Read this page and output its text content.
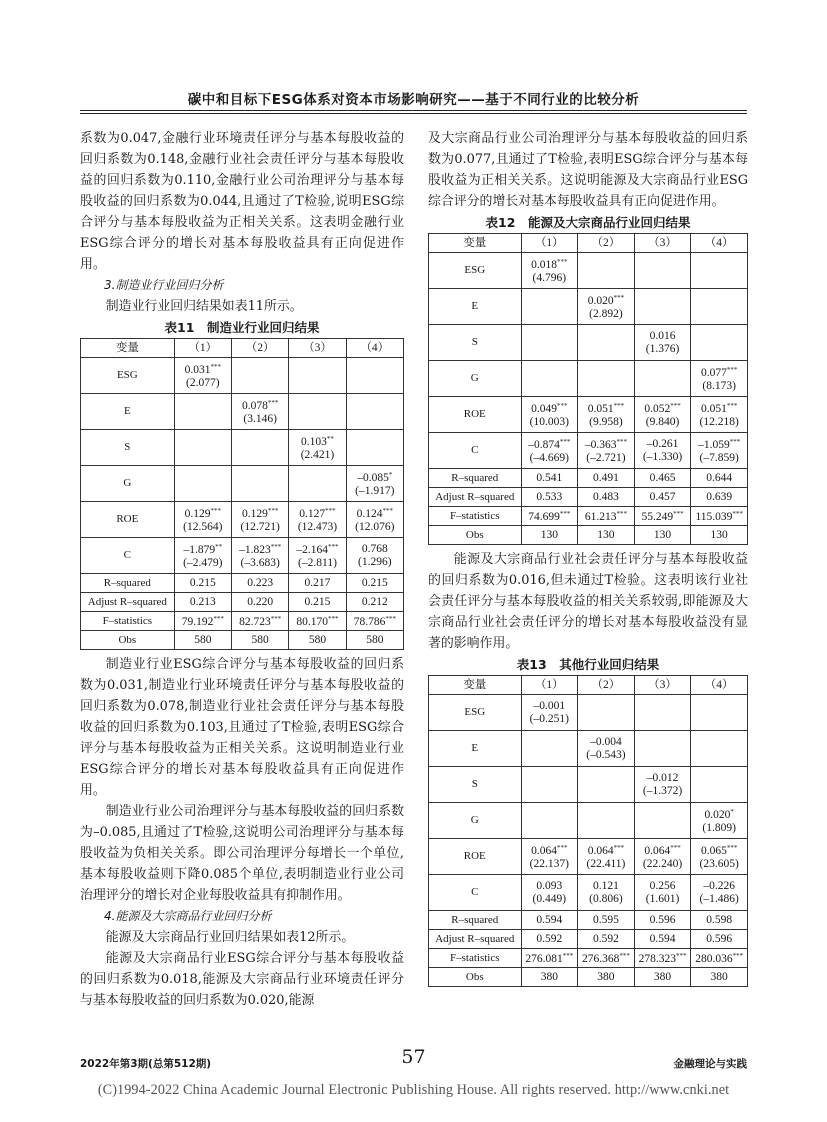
碳中和目标下ESG体系对资本市场影响研究——基于不同行业的比较分析

系数为0.047,金融行业环境责任评分与基本每股收益的回归系数为0.148,金融行业社会责任评分与基本每股收益的回归系数为0.110,金融行业公司治理评分与基本每股收益的回归系数为0.044,且通过了T检验,说明ESG综合评分与基本每股收益为正相关关系。这表明金融行业ESG综合评分的增长对基本每股收益具有正向促进作用。

3.制造业行业回归分析

制造业行业回归结果如表11所示。

表11　制造业行业回归结果
变量	（1）	（2）	（3）	（4）
ESG	0.031***
(2.077)			

E		0.078***
(3.146)		

S			0.103**
(2.421)	

G				–0.085*
(–1.917)

ROE	0.129***
(12.564)	0.129***
(12.721)	0.127***
(12.473)	0.124***
(12.076)

C	–1.879**
(–2.479)	–1.823***
(–3.683)	–2.164***
(–2.811)	0.768
(1.296)

R–squared	0.215	0.223	0.217	0.215
Adjust R–squared	0.213	0.220	0.215	0.212
F–statistics	79.192***	82.723***	80.170***	78.786***

Obs	580	580	580	580

制造业行业ESG综合评分与基本每股收益的回归系数为0.031,制造业行业环境责任评分与基本每股收益的回归系数为0.078,制造业行业社会责任评分与基本每股收益的回归系数为0.103,且通过了T检验,表明ESG综合评分与基本每股收益为正相关关系。这说明制造业行业ESG综合评分的增长对基本每股收益具有正向促进作用。

制造业行业公司治理评分与基本每股收益的回归系数为–0.085,且通过了T检验,这说明公司治理评分与基本每股收益为负相关关系。即公司治理评分每增长一个单位,基本每股收益则下降0.085个单位,表明制造业行业公司治理评分的增长对企业每股收益具有抑制作用。

4.能源及大宗商品行业回归分析

能源及大宗商品行业回归结果如表12所示。

能源及大宗商品行业ESG综合评分与基本每股收益的回归系数为0.018,能源及大宗商品行业环境责任评分与基本每股收益的回归系数为0.020,能源

及大宗商品行业公司治理评分与基本每股收益的回归系数为0.077,且通过了T检验,表明ESG综合评分与基本每股收益为正相关关系。这说明能源及大宗商品行业ESG综合评分的增长对基本每股收益具有正向促进作用。

表12　能源及大宗商品行业回归结果
变量	（1）	（2）	（3）	（4）
ESG	0.018***
(4.796)			

E		0.020***
(2.892)		

S			0.016
(1.376)	

G				0.077***
(8.173)

ROE	0.049***
(10.003)	0.051***
(9.958)	0.052***
(9.840)	0.051***
(12.218)

C	–0.874***
(–4.669)	–0.363***
(–2.721)	–0.261
(–1.330)	–1.059***
(–7.859)

R–squared	0.541	0.491	0.465	0.644
Adjust R–squared	0.533	0.483	0.457	0.639
F–statistics	74.699***	61.213***	55.249***	115.039***

Obs	130	130	130	130

能源及大宗商品行业社会责任评分与基本每股收益的回归系数为0.016,但未通过T检验。这表明该行业社会责任评分与基本每股收益的相关关系较弱,即能源及大宗商品行业社会责任评分的增长对基本每股收益没有显著的影响作用。

表13　其他行业回归结果
变量	（1）	（2）	（3）	（4）
ESG	–0.001
(–0.251)			

E		–0.004
(–0.543)		

S			–0.012
(–1.372)	

G				0.020*
(1.809)

ROE	0.064***
(22.137)	0.064***
(22.411)	0.064***
(22.240)	0.065***
(23.605)

C	0.093
(0.449)	0.121
(0.806)	0.256
(1.601)	–0.226
(–1.486)

R–squared	0.594	0.595	0.596	0.598
Adjust R–squared	0.592	0.592	0.594	0.596
F–statistics	276.081***	276.368***	278.323***	280.036***

Obs	380	380	380	380
2022年第3期(总第512期)	57	金融理论与实践
(C)1994-2022 China Academic Journal Electronic Publishing House. All rights reserved. http://www.cnki.net
